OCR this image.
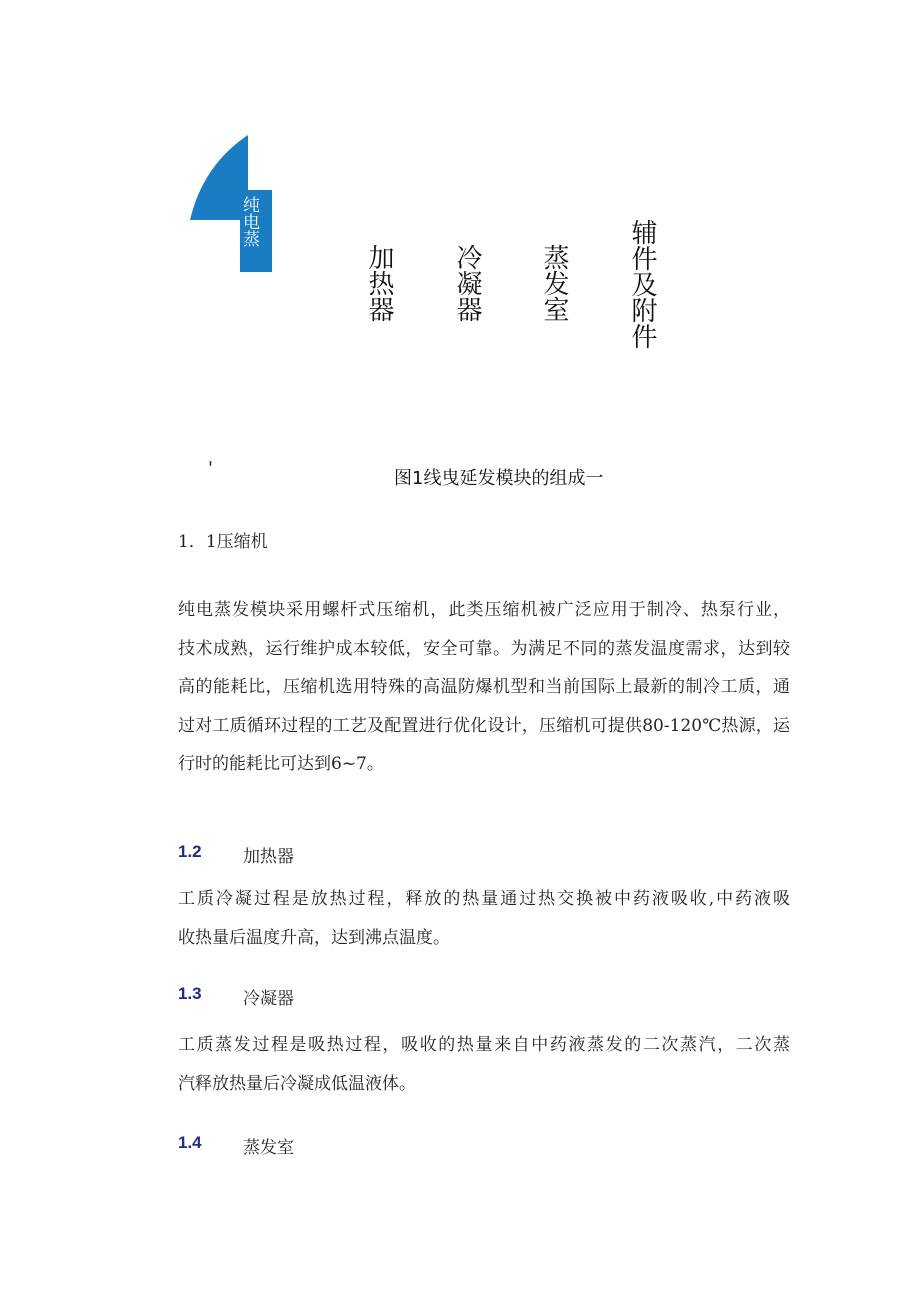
纯电蒸
加热器 冷凝器 蒸发室 辅件及附件
'	图1线曳延发模块的组成一
1．1压缩机
纯电蒸发模块采用螺杆式压缩机，此类压缩机被广泛应用于制冷、热泵行业，
技术成熟，运行维护成本较低，安全可靠。为满足不同的蒸发温度需求，达到较
高的能耗比，压缩机选用特殊的高温防爆机型和当前国际上最新的制冷工质，通
过对工质循环过程的工艺及配置进行优化设计，压缩机可提供80-120℃热源，运
行时的能耗比可达到6~7。
1.2 加热器
工质冷凝过程是放热过程，释放的热量通过热交换被中药液吸收,中药液吸
收热量后温度升高，达到沸点温度。
1.3 冷凝器
工质蒸发过程是吸热过程，吸收的热量来自中药液蒸发的二次蒸汽，二次蒸
汽释放热量后冷凝成低温液体。
1.4 蒸发室
